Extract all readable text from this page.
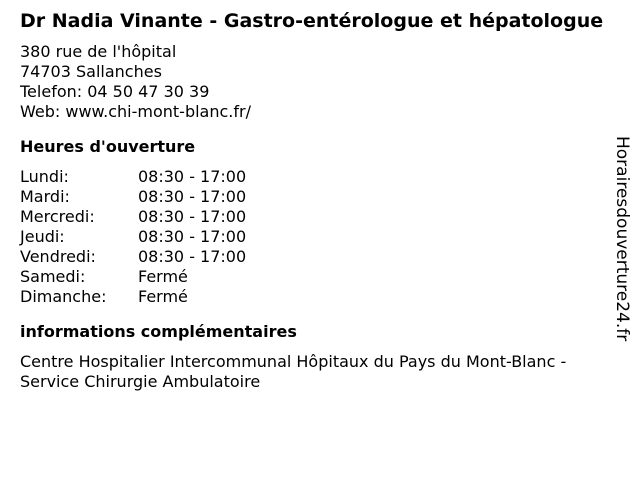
Dr Nadia Vinante - Gastro-entérologue et hépatologue
380 rue de l'hôpital
74703 Sallanches
Telefon: 04 50 47 30 39
Web: www.chi-mont-blanc.fr/
Heures d'ouverture
Lundi:	08:30 - 17:00
Mardi:	08:30 - 17:00
Mercredi:	08:30 - 17:00
Jeudi:	08:30 - 17:00
Vendredi:	08:30 - 17:00
Samedi:	Fermé
Dimanche:	Fermé
informations complémentaires
Centre Hospitalier Intercommunal Hôpitaux du Pays du Mont-Blanc - Service Chirurgie Ambulatoire
Horairesdouverture24.fr
